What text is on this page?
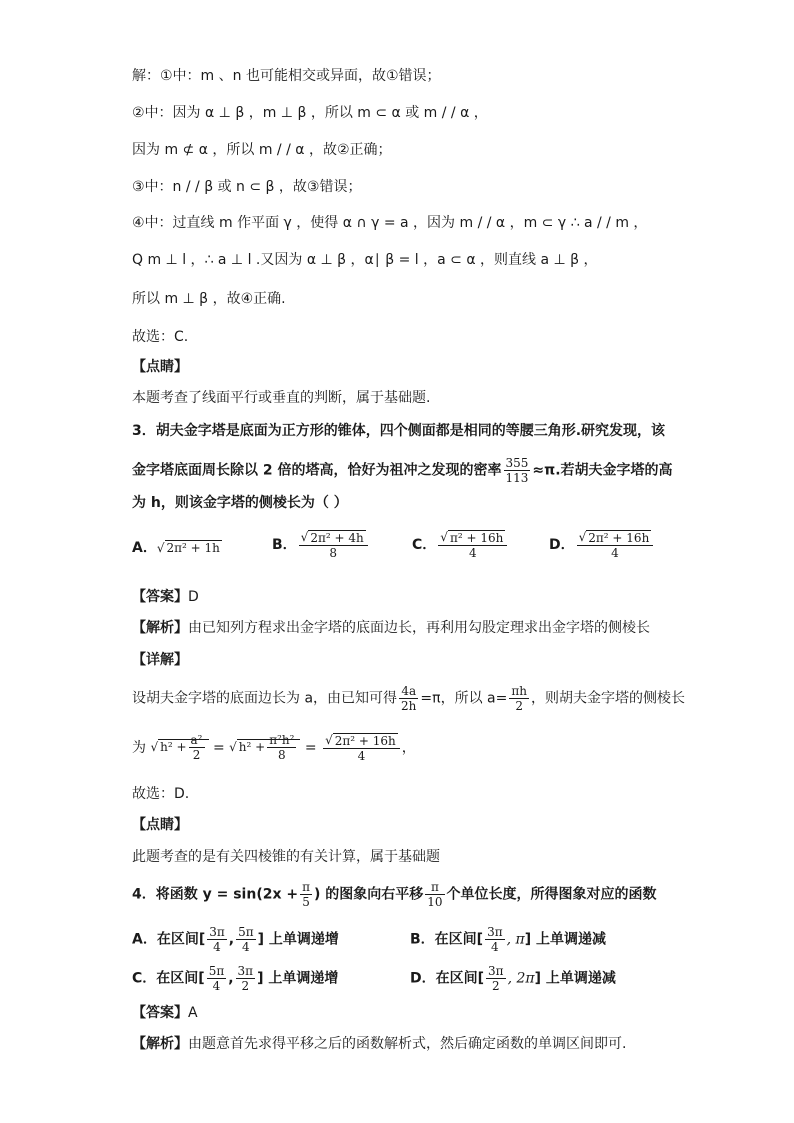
解：①中：m 、n 也可能相交或异面，故①错误；
②中：因为 α ⊥ β ，m ⊥ β ，所以 m ⊂ α 或 m / / α ，
因为 m ⊄ α ，所以 m / / α ，故②正确；
③中：n / / β 或 n ⊂ β ，故③错误；
④中：过直线 m 作平面 γ ，使得 α ∩ γ = a ，因为 m / / α ，m ⊂ γ ∴ a / / m ，
Q m ⊥ l ，∴ a ⊥ l .又因为 α ⊥ β ，α∣ β = l ，a ⊂ α ，则直线 a ⊥ β ，
所以 m ⊥ β ，故④正确.
故选：C.
【点睛】
本题考查了线面平行或垂直的判断，属于基础题.
3．胡夫金字塔是底面为正方形的锥体，四个侧面都是相同的等腰三角形.研究发现，该
金字塔底面周长除以 2 倍的塔高，恰好为祖冲之发现的密率 $\frac{355}{113} \approx\pi$.若胡夫金字塔的高
为 h，则该金字塔的侧棱长为（ ）
A．√ 2π² + 1h	B． $\frac{\text{√ 2π² + 4h}}{8}$	C． $\frac{\text{√ π² + 16h}}{4}$	D． $\frac{\text{√ 2π² + 16h}}{4}$
【答案】D
【解析】由已知列方程求出金字塔的底面边长，再利用勾股定理求出金字塔的侧棱长
【详解】
设胡夫金字塔的底面边长为 a，由已知可得 $\frac{4a}{2h} =\pi$，所以 $a= \frac{\pi h}{2}$ ，则胡夫金字塔的侧棱长
为 √ $h^2 + \frac{\text{a²}}{2}$ = √ $h^2 + \frac{\text{π²h²}}{8} = \frac{\text{√ 2π² + 16h}}{4}$ ，
故选：D.
【点睛】
此题考查的是有关四棱锥的有关计算，属于基础题
4．将函数 $y = \sin(2x + \frac{\pi}{5}$ ) 的图象向右平移 $\frac{\pi}{10}$ 个单位长度，所得图象对应的函数
A．在区间[ $\frac{3\pi}{4}$ , $\frac{5\pi}{4}$ ] 上单调递增	B．在区间[ $\frac{3\pi}{4}$ , π] 上单调递减
C．在区间[ $\frac{5\pi}{4}$ , $\frac{3\pi}{2}$ ] 上单调递增	D．在区间[ $\frac{3\pi}{2}$ , 2π] 上单调递减
【答案】A
【解析】由题意首先求得平移之后的函数解析式，然后确定函数的单调区间即可.
